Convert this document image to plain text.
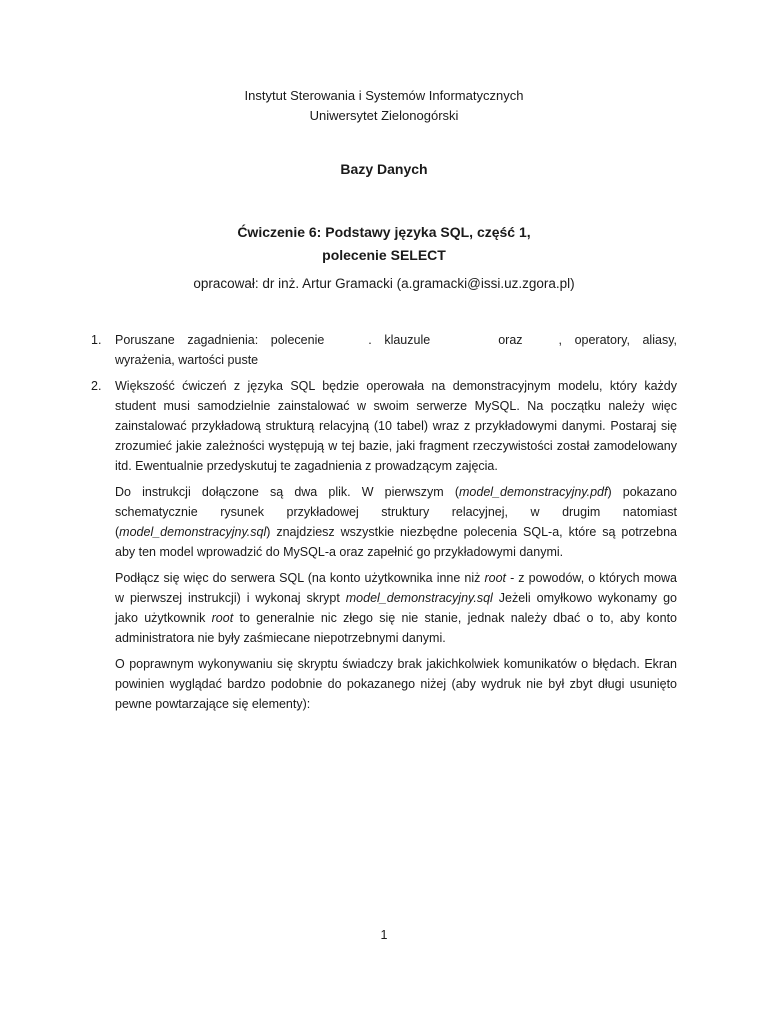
Instytut Sterowania i Systemów Informatycznych
Uniwersytet Zielonogórski
Bazy Danych
Ćwiczenie 6: Podstawy języka SQL, część 1,
polecenie SELECT
opracował: dr inż. Artur Gramacki (a.gramacki@issi.uz.zgora.pl)
1. Poruszane zagadnienia: polecenie	. klauzule	oraz	, operatory, aliasy, wyrażenia, wartości puste
2. Większość ćwiczeń z języka SQL będzie operowała na demonstracyjnym modelu, który każdy student musi samodzielnie zainstalować w swoim serwerze MySQL. Na początku należy więc zainstalować przykładową strukturą relacyjną (10 tabel) wraz z przykładowymi danymi. Postaraj się zrozumieć jakie zależności występują w tej bazie, jaki fragment rzeczywistości został zamodelowany itd. Ewentualnie przedyskutuj te zagadnienia z prowadzącym zajęcia.

Do instrukcji dołączone są dwa plik. W pierwszym (model_demonstracyjny.pdf) pokazano schematycznie rysunek przykładowej struktury relacyjnej, w drugim natomiast (model_demonstracyjny.sql) znajdziesz wszystkie niezbędne polecenia SQL-a, które są potrzebna aby ten model wprowadzić do MySQL-a oraz zapełnić go przykładowymi danymi.

Podłącz się więc do serwera SQL (na konto użytkownika inne niż root - z powodów, o których mowa w pierwszej instrukcji) i wykonaj skrypt model_demonstracyjny.sql Jeżeli omyłkowo wykonamy go jako użytkownik root to generalnie nic złego się nie stanie, jednak należy dbać o to, aby konto administratora nie były zaśmiecane niepotrzebnymi danymi.

O poprawnym wykonywaniu się skryptu świadczy brak jakichkolwiek komunikatów o błędach. Ekran powinien wyglądać bardzo podobnie do pokazanego niżej (aby wydruk nie był zbyt długi usunięto pewne powtarzające się elementy):

1
